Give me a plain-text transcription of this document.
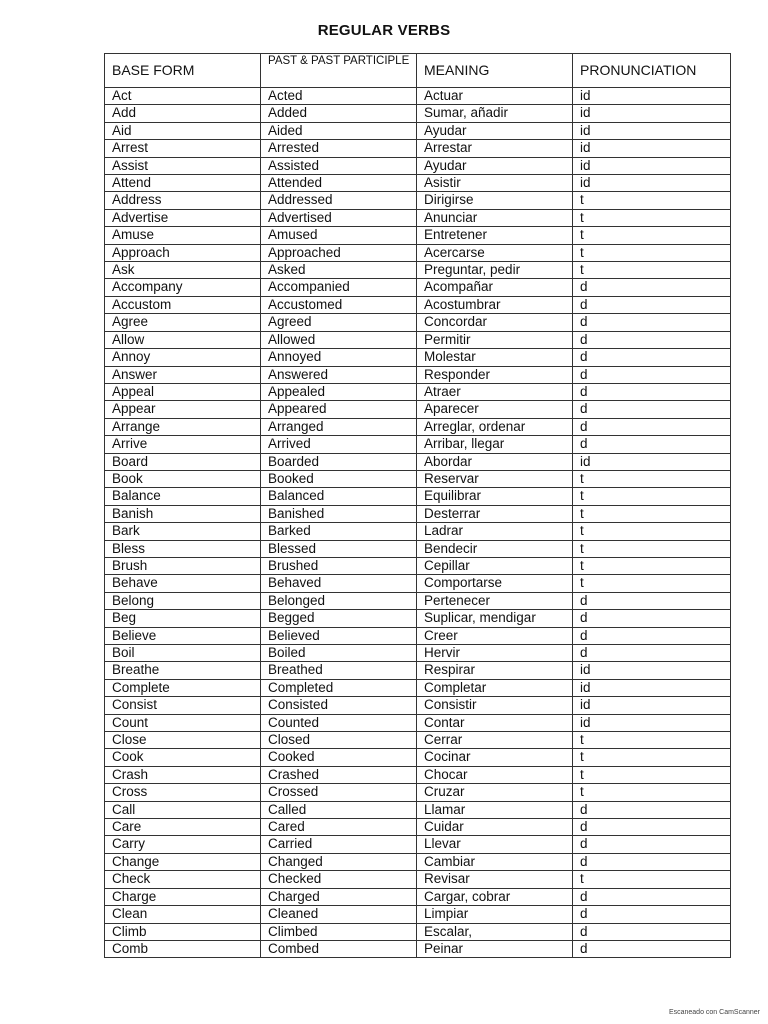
REGULAR VERBS
BASE FORM	PAST & PAST PARTICIPLE	MEANING	PRONUNCIATION
Act	Acted	Actuar	id
Add	Added	Sumar, añadir	id
Aid	Aided	Ayudar	id
Arrest	Arrested	Arrestar	id
Assist	Assisted	Ayudar	id
Attend	Attended	Asistir	id
Address	Addressed	Dirigirse	t
Advertise	Advertised	Anunciar	t
Amuse	Amused	Entretener	t
Approach	Approached	Acercarse	t
Ask	Asked	Preguntar, pedir	t
Accompany	Accompanied	Acompañar	d
Accustom	Accustomed	Acostumbrar	d
Agree	Agreed	Concordar	d
Allow	Allowed	Permitir	d
Annoy	Annoyed	Molestar	d
Answer	Answered	Responder	d
Appeal	Appealed	Atraer	d
Appear	Appeared	Aparecer	d
Arrange	Arranged	Arreglar, ordenar	d
Arrive	Arrived	Arribar, llegar	d
Board	Boarded	Abordar	id
Book	Booked	Reservar	t
Balance	Balanced	Equilibrar	t
Banish	Banished	Desterrar	t
Bark	Barked	Ladrar	t
Bless	Blessed	Bendecir	t
Brush	Brushed	Cepillar	t
Behave	Behaved	Comportarse	t
Belong	Belonged	Pertenecer	d
Beg	Begged	Suplicar, mendigar	d
Believe	Believed	Creer	d
Boil	Boiled	Hervir	d
Breathe	Breathed	Respirar	id
Complete	Completed	Completar	id
Consist	Consisted	Consistir	id
Count	Counted	Contar	id
Close	Closed	Cerrar	t
Cook	Cooked	Cocinar	t
Crash	Crashed	Chocar	t
Cross	Crossed	Cruzar	t
Call	Called	Llamar	d
Care	Cared	Cuidar	d
Carry	Carried	Llevar	d
Change	Changed	Cambiar	d
Check	Checked	Revisar	t
Charge	Charged	Cargar, cobrar	d
Clean	Cleaned	Limpiar	d
Climb	Climbed	Escalar,	d
Comb	Combed	Peinar	d
Escaneado con CamScanner
